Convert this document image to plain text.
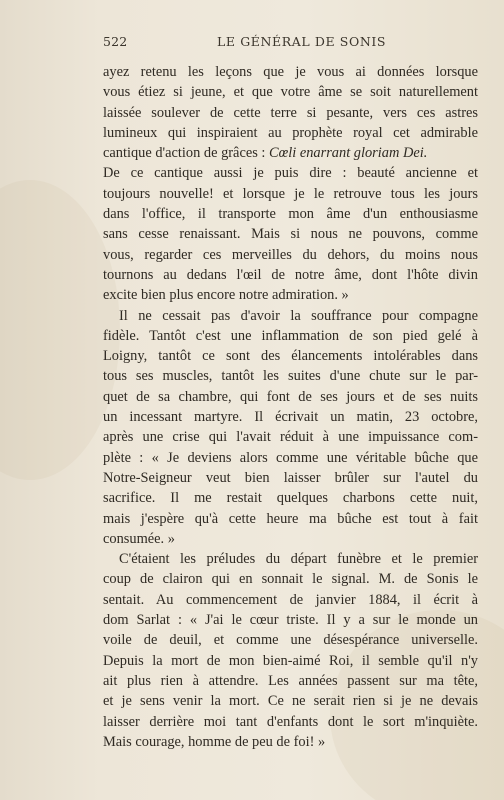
522	LE GÉNÉRAL DE SONIS
ayez retenu les leçons que je vous ai données lorsque
vous étiez si jeune, et que votre âme se soit naturellement
laissée soulever de cette terre si pesante, vers ces astres
lumineux qui inspiraient au prophète royal cet admirable
cantique d'action de grâces : Cœli enarrant gloriam Dei.
De ce cantique aussi je puis dire : beauté ancienne et
toujours nouvelle! et lorsque je le retrouve tous les jours
dans l'office, il transporte mon âme d'un enthousiasme
sans cesse renaissant. Mais si nous ne pouvons, comme
vous, regarder ces merveilles du dehors, du moins nous
tournons au dedans l'œil de notre âme, dont l'hôte divin
excite bien plus encore notre admiration. »
Il ne cessait pas d'avoir la souffrance pour compagne
fidèle. Tantôt c'est une inflammation de son pied gelé à
Loigny, tantôt ce sont des élancements intolérables dans
tous ses muscles, tantôt les suites d'une chute sur le par-
quet de sa chambre, qui font de ses jours et de ses nuits
un incessant martyre. Il écrivait un matin, 23 octobre,
après une crise qui l'avait réduit à une impuissance com-
plète : « Je deviens alors comme une véritable bûche que
Notre-Seigneur veut bien laisser brûler sur l'autel du
sacrifice. Il me restait quelques charbons cette nuit,
mais j'espère qu'à cette heure ma bûche est tout à fait
consumée. »
C'étaient les préludes du départ funèbre et le premier
coup de clairon qui en sonnait le signal. M. de Sonis le
sentait. Au commencement de janvier 1884, il écrit à
dom Sarlat : « J'ai le cœur triste. Il y a sur le monde un
voile de deuil, et comme une désespérance universelle.
Depuis la mort de mon bien-aimé Roi, il semble qu'il n'y
ait plus rien à attendre. Les années passent sur ma tête,
et je sens venir la mort. Ce ne serait rien si je ne devais
laisser derrière moi tant d'enfants dont le sort m'inquiète.
Mais courage, homme de peu de foi! »
